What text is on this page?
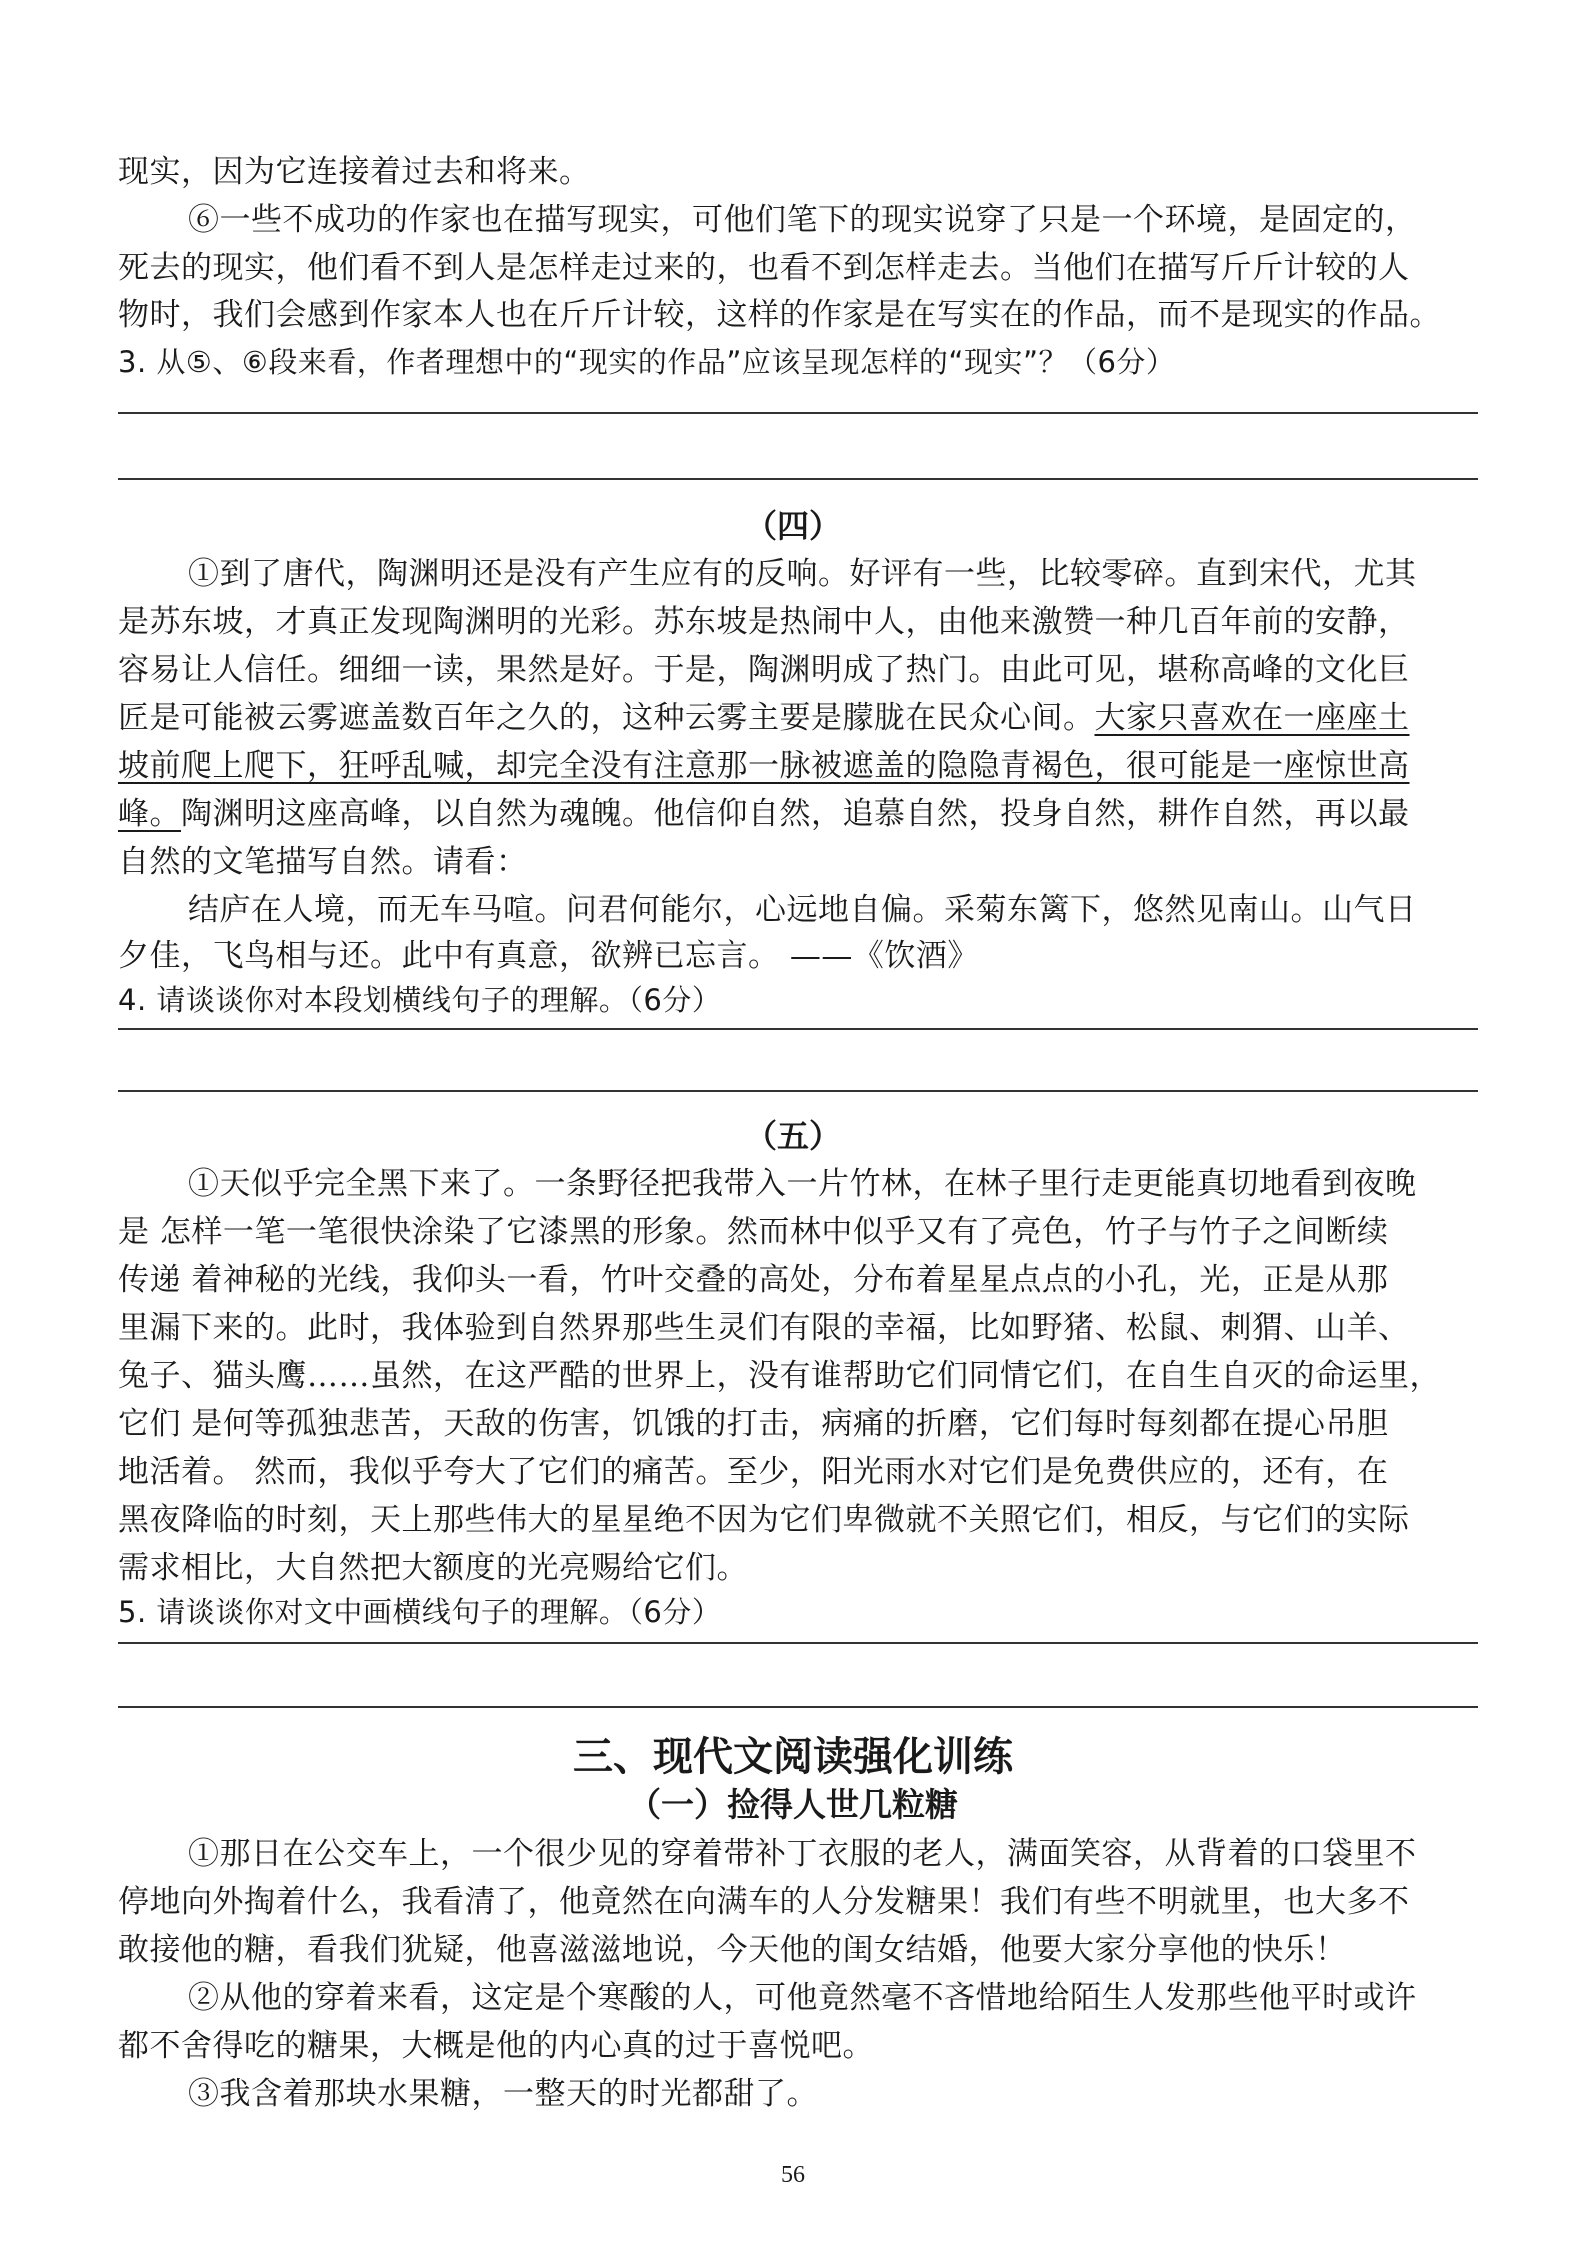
现实，因为它连接着过去和将来。
⑥一些不成功的作家也在描写现实，可他们笔下的现实说穿了只是一个环境，是固定的，
死去的现实，他们看不到人是怎样走过来的，也看不到怎样走去。当他们在描写斤斤计较的人
物时，我们会感到作家本人也在斤斤计较，这样的作家是在写实在的作品，而不是现实的作品。
3. 从⑤、⑥段来看，作者理想中的“现实的作品”应该呈现怎样的“现实”？（6分）
（四）
①到了唐代，陶渊明还是没有产生应有的反响。好评有一些，比较零碎。直到宋代，尤其
是苏东坡，才真正发现陶渊明的光彩。苏东坡是热闹中人，由他来激赞一种几百年前的安静，
容易让人信任。细细一读，果然是好。于是，陶渊明成了热门。由此可见，堪称高峰的文化巨
匠是可能被云雾遮盖数百年之久的，这种云雾主要是朦胧在民众心间。大家只喜欢在一座座土
坡前爬上爬下，狂呼乱喊，却完全没有注意那一脉被遮盖的隐隐青褐色，很可能是一座惊世高
峰。陶渊明这座高峰，以自然为魂魄。他信仰自然，追慕自然，投身自然，耕作自然，再以最
自然的文笔描写自然。请看：
结庐在人境，而无车马喧。问君何能尔，心远地自偏。采菊东篱下，悠然见南山。山气日
夕佳，飞鸟相与还。此中有真意，欲辨已忘言。 ——《饮酒》
4. 请谈谈你对本段划横线句子的理解。（6分）
（五）
①天似乎完全黑下来了。一条野径把我带入一片竹林，在林子里行走更能真切地看到夜晚
是 怎样一笔一笔很快涂染了它漆黑的形象。然而林中似乎又有了亮色，竹子与竹子之间断续
传递 着神秘的光线，我仰头一看，竹叶交叠的高处，分布着星星点点的小孔，光，正是从那
里漏下来的。此时，我体验到自然界那些生灵们有限的幸福，比如野猪、松鼠、刺猬、山羊、
兔子、猫头鹰……虽然，在这严酷的世界上，没有谁帮助它们同情它们，在自生自灭的命运里，
它们 是何等孤独悲苦，天敌的伤害，饥饿的打击，病痛的折磨，它们每时每刻都在提心吊胆
地活着。 然而，我似乎夸大了它们的痛苦。至少，阳光雨水对它们是免费供应的，还有，在
黑夜降临的时刻，天上那些伟大的星星绝不因为它们卑微就不关照它们，相反，与它们的实际
需求相比，大自然把大额度的光亮赐给它们。
5. 请谈谈你对文中画横线句子的理解。（6分）
三、现代文阅读强化训练
（一）捡得人世几粒糖
①那日在公交车上，一个很少见的穿着带补丁衣服的老人，满面笑容，从背着的口袋里不
停地向外掏着什么，我看清了，他竟然在向满车的人分发糖果！我们有些不明就里，也大多不
敢接他的糖，看我们犹疑，他喜滋滋地说，今天他的闺女结婚，他要大家分享他的快乐！
②从他的穿着来看，这定是个寒酸的人，可他竟然毫不吝惜地给陌生人发那些他平时或许
都不舍得吃的糖果，大概是他的内心真的过于喜悦吧。
③我含着那块水果糖，一整天的时光都甜了。
56
